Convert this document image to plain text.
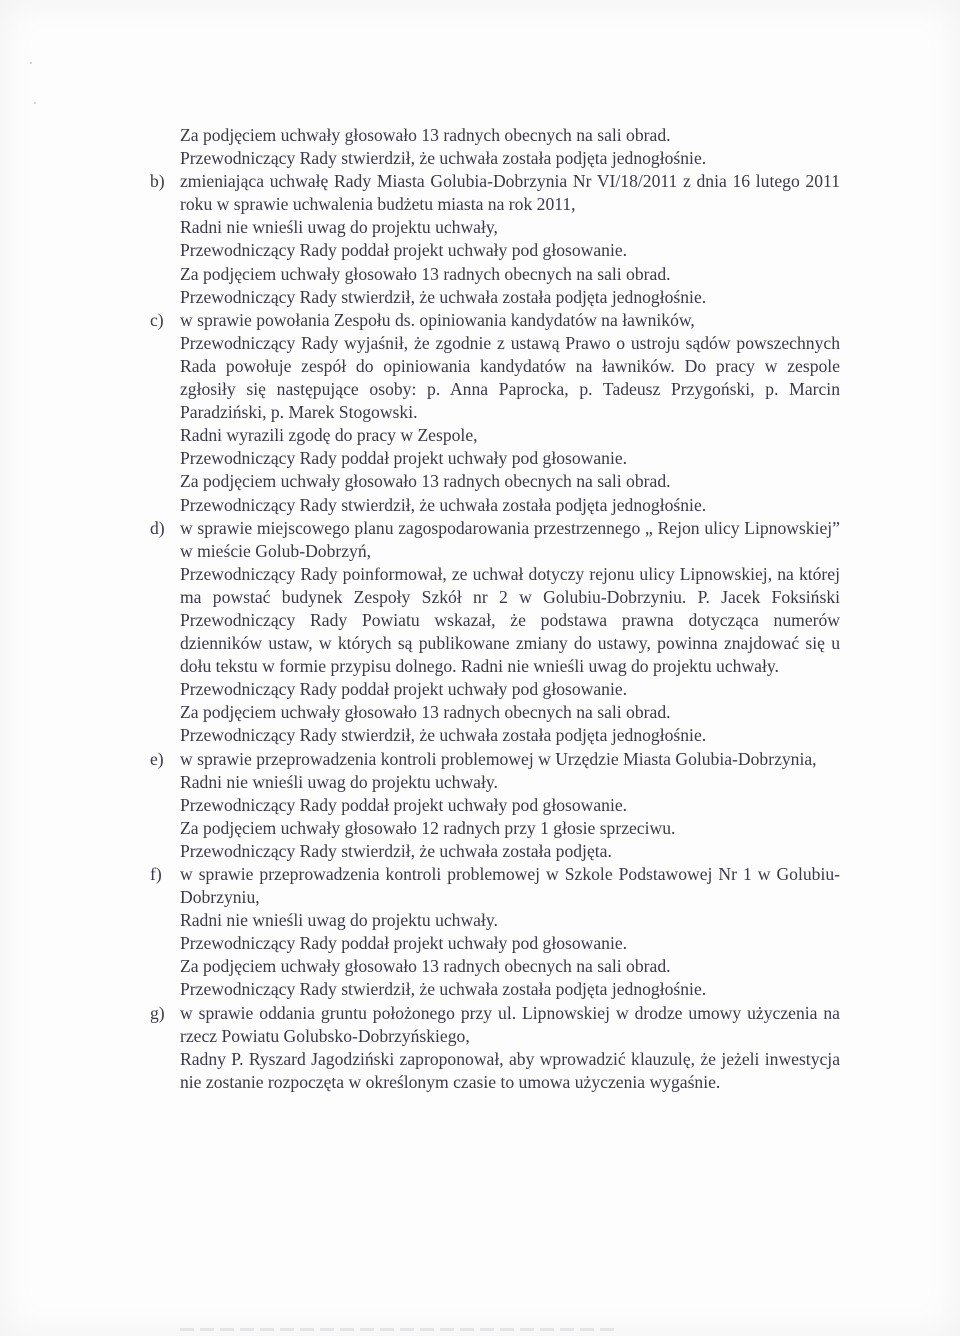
Za podjęciem uchwały głosowało 13 radnych obecnych na sali obrad.

Przewodniczący Rady stwierdził, że uchwała została podjęta jednogłośnie.

b) zmieniająca uchwałę Rady Miasta Golubia-Dobrzynia Nr VI/18/2011 z dnia 16 lutego 2011 roku w sprawie uchwalenia budżetu miasta na rok 2011,

Radni nie wnieśli uwag do projektu uchwały,

Przewodniczący Rady poddał projekt uchwały pod głosowanie.

Za podjęciem uchwały głosowało 13 radnych obecnych na sali obrad.

Przewodniczący Rady stwierdził, że uchwała została podjęta jednogłośnie.

c) w sprawie powołania Zespołu ds. opiniowania kandydatów na ławników,

Przewodniczący Rady wyjaśnił, że zgodnie z ustawą Prawo o ustroju sądów powszechnych Rada powołuje zespół do opiniowania kandydatów na ławników. Do pracy w zespole zgłosiły się następujące osoby: p. Anna Paprocka, p. Tadeusz Przygoński, p. Marcin Paradziński, p. Marek Stogowski.

Radni wyrazili zgodę do pracy w Zespole,

Przewodniczący Rady poddał projekt uchwały pod głosowanie.

Za podjęciem uchwały głosowało 13 radnych obecnych na sali obrad.

Przewodniczący Rady stwierdził, że uchwała została podjęta jednogłośnie.

d) w sprawie miejscowego planu zagospodarowania przestrzennego „ Rejon ulicy Lipnowskiej” w mieście Golub-Dobrzyń,

Przewodniczący Rady poinformował, ze uchwał dotyczy rejonu ulicy Lipnowskiej, na której ma powstać budynek Zespoły Szkół nr 2 w Golubiu-Dobrzyniu. P. Jacek Foksiński Przewodniczący Rady Powiatu wskazał, że podstawa prawna dotycząca numerów dzienników ustaw, w których są publikowane zmiany do ustawy, powinna znajdować się u dołu tekstu w formie przypisu dolnego. Radni nie wnieśli uwag do projektu uchwały.

Przewodniczący Rady poddał projekt uchwały pod głosowanie.

Za podjęciem uchwały głosowało 13 radnych obecnych na sali obrad.

Przewodniczący Rady stwierdził, że uchwała została podjęta jednogłośnie.

e) w sprawie przeprowadzenia kontroli problemowej w Urzędzie Miasta Golubia-Dobrzynia,

Radni nie wnieśli uwag do projektu uchwały.

Przewodniczący Rady poddał projekt uchwały pod głosowanie.

Za podjęciem uchwały głosowało 12 radnych przy 1 głosie sprzeciwu.

Przewodniczący Rady stwierdził, że uchwała została podjęta.

f)	w sprawie przeprowadzenia kontroli problemowej w Szkole Podstawowej Nr 1 w Golubiu-Dobrzyniu,

Radni nie wnieśli uwag do projektu uchwały.

Przewodniczący Rady poddał projekt uchwały pod głosowanie.

Za podjęciem uchwały głosowało 13 radnych obecnych na sali obrad.

Przewodniczący Rady stwierdził, że uchwała została podjęta jednogłośnie.

g) w sprawie oddania gruntu położonego przy ul. Lipnowskiej w drodze umowy użyczenia na rzecz Powiatu Golubsko-Dobrzyńskiego,

Radny P. Ryszard Jagodziński zaproponował, aby wprowadzić klauzulę, że jeżeli inwestycja nie zostanie rozpoczęta w określonym czasie to umowa użyczenia wygaśnie.
